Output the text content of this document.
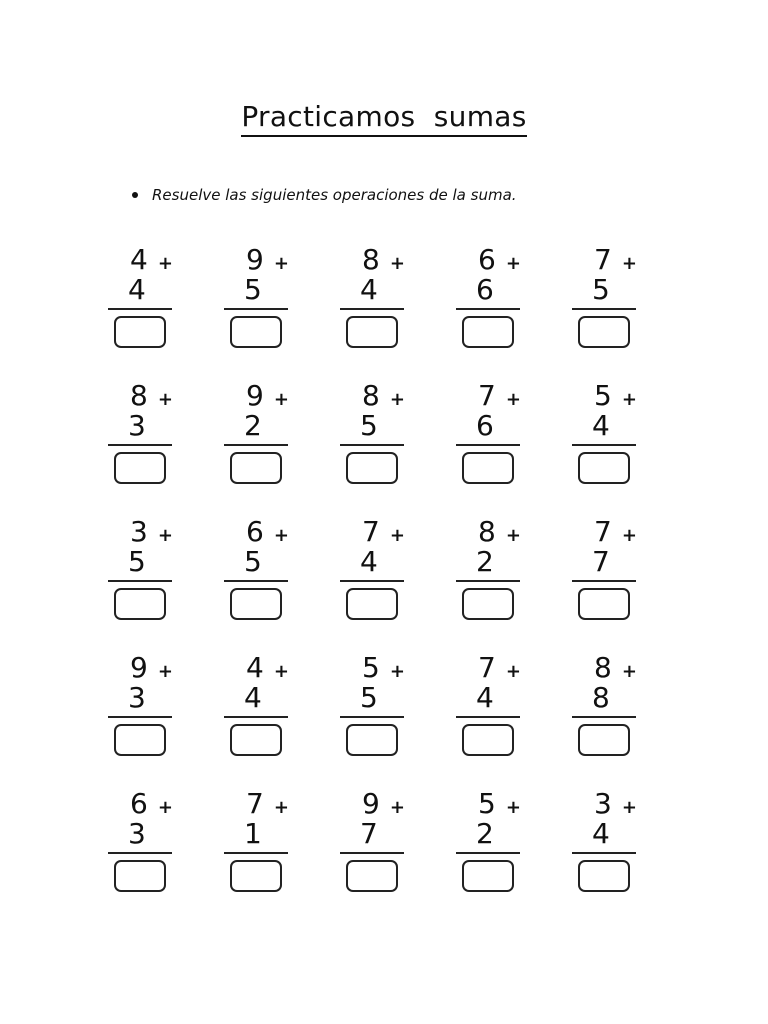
Practicamos  sumas
Resuelve las siguientes operaciones de la suma.
4 +
4
9 +
5
8 +
4
6 +
6
7 +
5
8 +
3
9 +
2
8 +
5
7 +
6
5 +
4
3 +
5
6 +
5
7 +
4
8 +
2
7 +
7
9 +
3
4 +
4
5 +
5
7 +
4
8 +
8
6 +
3
7 +
1
9 +
7
5 +
2
3 +
4
